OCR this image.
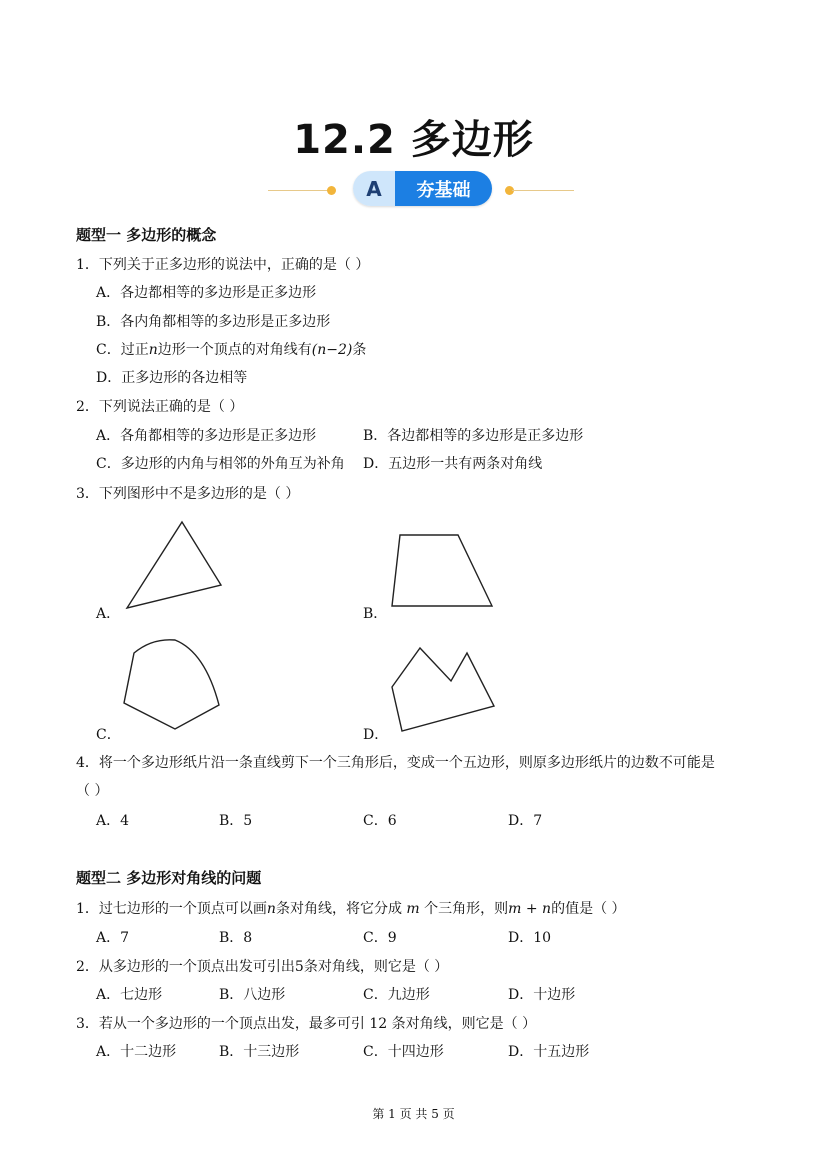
12.2 多边形
A	夯基础
题型一 多边形的概念
1．下列关于正多边形的说法中，正确的是（ ）
A．各边都相等的多边形是正多边形
B．各内角都相等的多边形是正多边形
C．过正n边形一个顶点的对角线有(n−2)条
D．正多边形的各边相等
2．下列说法正确的是（ ）
A．各角都相等的多边形是正多边形	B．各边都相等的多边形是正多边形
C．多边形的内角与相邻的外角互为补角 D．五边形一共有两条对角线
3．下列图形中不是多边形的是（ ）
A．	B．
C．	D．
4．将一个多边形纸片沿一条直线剪下一个三角形后，变成一个五边形，则原多边形纸片的边数不可能是
（ ）
A．4	B．5	C．6	D．7
题型二 多边形对角线的问题
1．过七边形的一个顶点可以画n条对角线，将它分成 m 个三角形，则m + n的值是（ ）
A．7	B．8	C．9	D．10
2．从多边形的一个顶点出发可引出5条对角线，则它是（ ）
A．七边形	B．八边形	C．九边形	D．十边形
3．若从一个多边形的一个顶点出发，最多可引 12 条对角线，则它是（ ）
A．十二边形	B．十三边形	C．十四边形	D．十五边形
第 1 页 共 5 页
